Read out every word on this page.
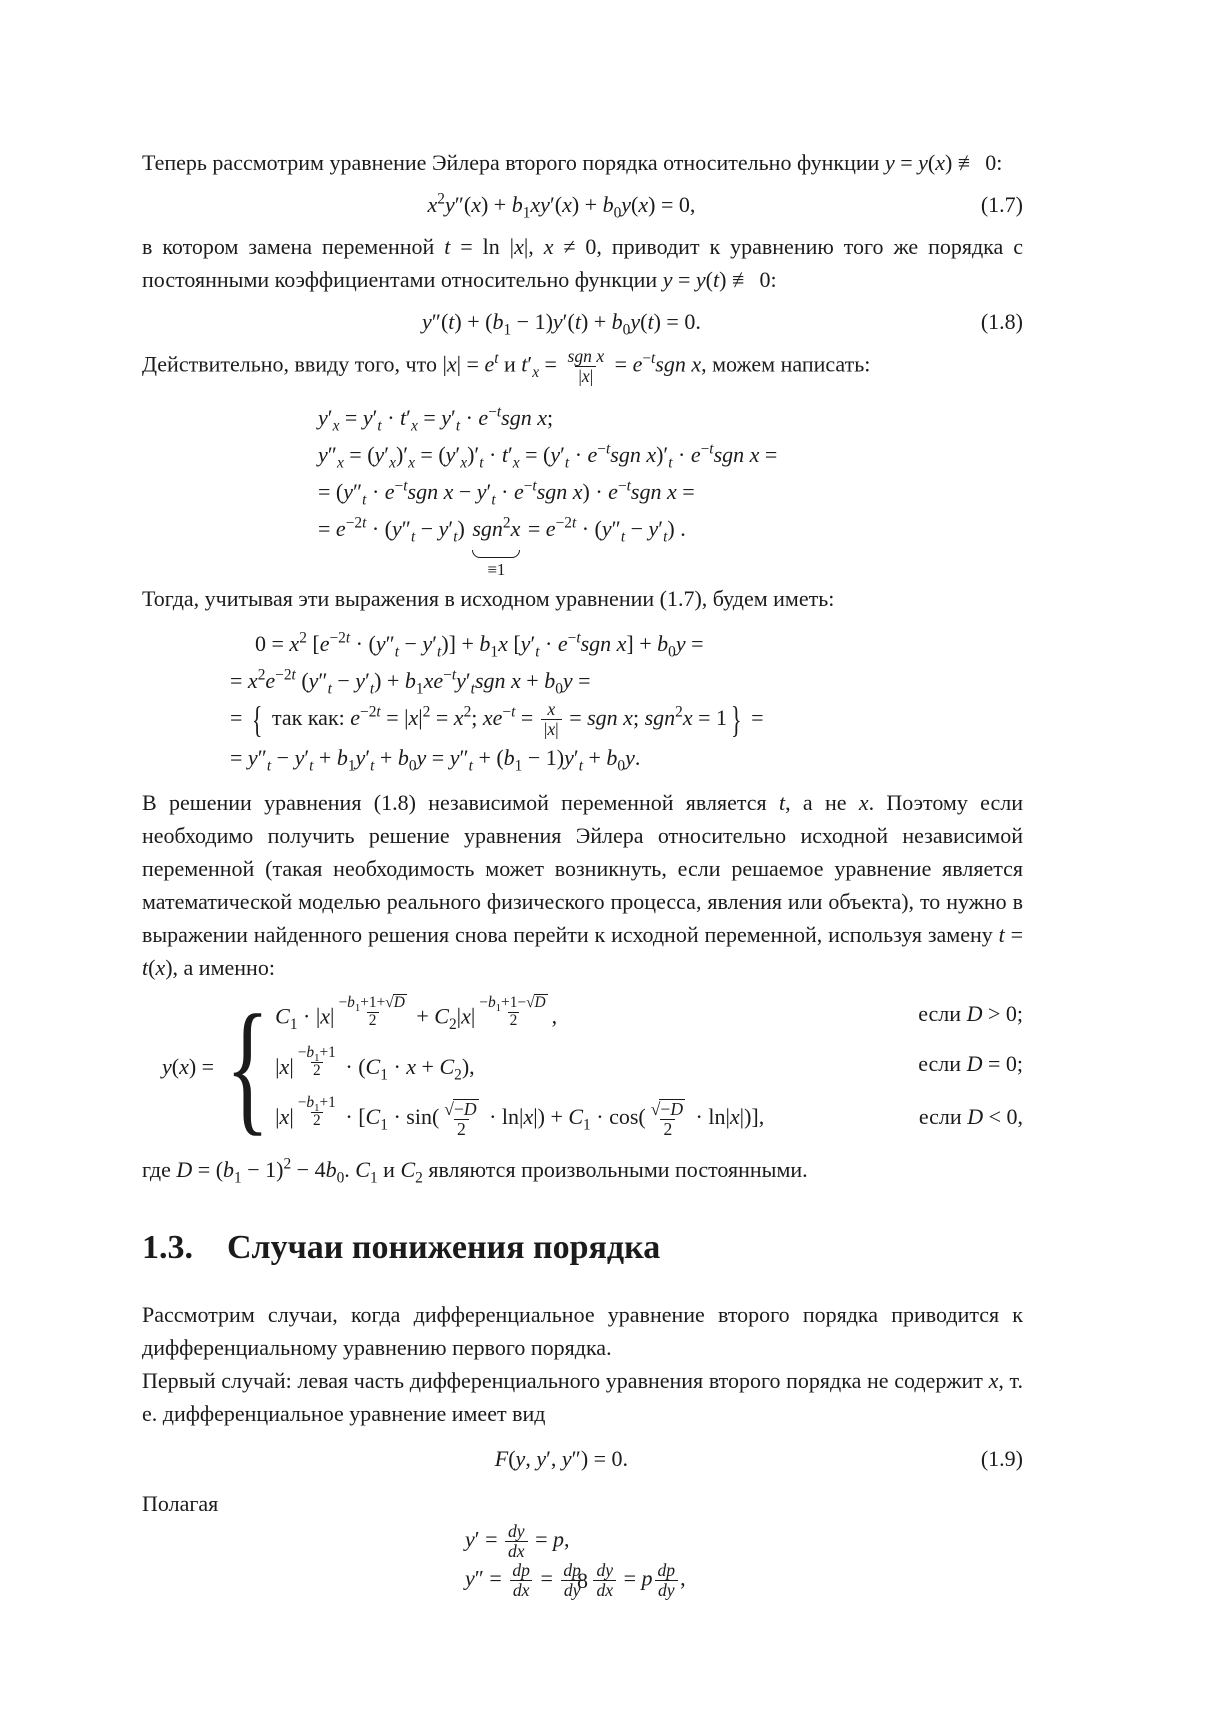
Теперь рассмотрим уравнение Эйлера второго порядка относительно функции y = y(x) ≢ 0:

$x^2y''(x) + b_1xy'(x) + b_0y(x) = 0$,	(1.7)

в котором замена переменной t = ln |x|, x ≠ 0, приводит к уравнению того же порядка с постоянными коэффициентами относительно функции y = y(t) ≢ 0:

$y''(t) + (b_1 - 1)y'(t) + b_0y(t) = 0$.	(1.8)

Действительно, ввиду того, что $|x| = e^t$ и $t'_x = \frac{\text{sgn x}}{|x|} = e^{-t}sgn$ x, можем написать:

$y'_x = y'_t \cdot t'_x = y'_t \cdot e^{-t}sgn$ x;
$y''_x = (y'_x)'_x = (y'_x)'_t \cdot t'_x = (y'_t \cdot e^{-t}sgn$ $x)'_t \cdot e^{-t}sgn$ x =
= ($y''_t \cdot e^{-t}sgn$ $x - y'_t \cdot e^{-t}sgn$ $x) \cdot e^{-t}sgn$ x =
= $e^{-2t} \cdot (y''_t - y'_t)$ sgn$^2$x
≡1
= $e^{-2t} \cdot (y''_t - y'_t)$ .

Тогда, учитывая эти выражения в исходном уравнении (1.7), будем иметь:

$0 = x^2$ $[e^{-2t} \cdot (y''_t - y'_t)] + b_1x$ [$y'_t \cdot e^{-t}sgn$ $x] + b_0y$ =
= $x^2e^{-2t}$ $(y''_t - y'_t) + b_1xe^{-t}y'_tsgn$ $x + b_0y$ =
= { так как: $e^{-2t} = |x|^2 = x^2$; $xe^{-t} = \frac{x}{|x|}$ = sgn x; sgn$^2$x = 1 } =
= $y''_t - y'_t + b_1y'_t + b_0y = y''_t + (b_1 - 1)y'_t + b_0y$.

В решении уравнения (1.8) независимой переменной является t, а не x. Поэтому если необходимо получить решение уравнения Эйлера относительно исходной независимой переменной (такая необходимость может возникнуть, если решаемое уравнение является математической моделью реального физического процесса, явления или объекта), то нужно в выражении найденного решения снова перейти к исходной переменной, используя замену t = t(x), а именно:

y(x) = { $C_1 \cdot |x|$ $^{\frac{-b_1+1+ √ D}{2}} + C_2|x|$ $^{\frac{-b_1+1- √ D}{2}}$ ,	если D > 0;
|x| $^{\frac{-b_1+1}{2}} \cdot (C_1 \cdot x + C_2)$,	если D = 0;
|x| $^{\frac{-b_1+1}{2}} \cdot [C_1 \cdot \sin( \frac{√ -D}{2} \cdot \ln|x|) + C_1 \cdot \cos( \frac{√ -D}{2} \cdot \ln|x|)]$,	если D < 0,

где $D = (b_1 - 1)^2 - 4b_0$. $C_1$ и $C_2$ являются произвольными постоянными.

1.3. Случаи понижения порядка

Рассмотрим случаи, когда дифференциальное уравнение второго порядка приводится к дифференциальному уравнению первого порядка.

Первый случай: левая часть дифференциального уравнения второго порядка не содержит x, т. е. дифференциальное уравнение имеет вид

F(y, y′, y″) = 0.	(1.9)

Полагая

$y' = \frac{dy}{dx} = p$,
$y'' = \frac{dp}{dx} = \frac{dp}{dy}$
$\frac{dy}{dx} = p \frac{dp}{dy}$ ,
8
